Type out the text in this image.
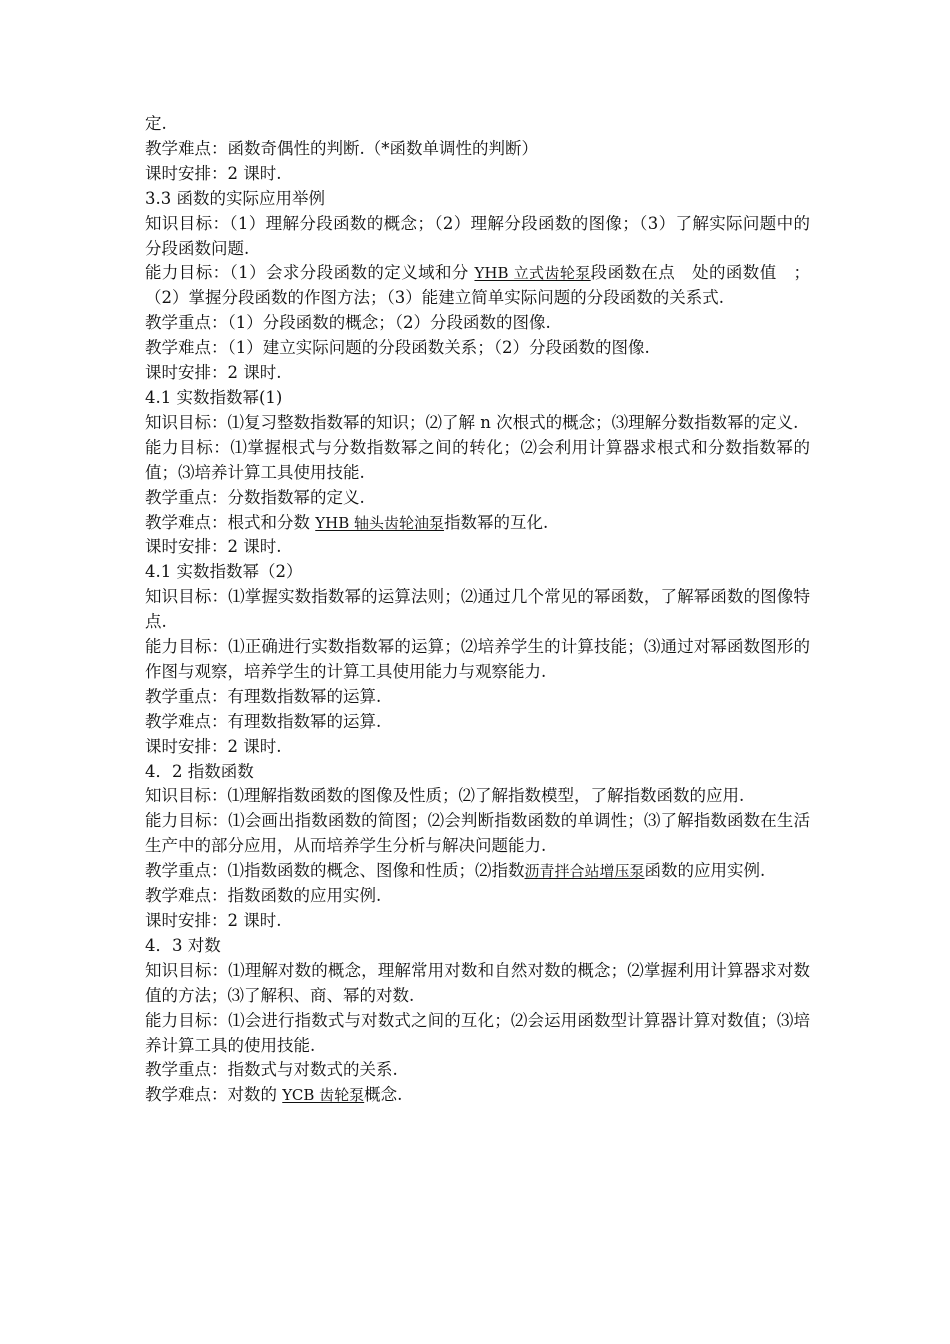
定.

教学难点：函数奇偶性的判断.（*函数单调性的判断）

课时安排：2 课时.

3.3 函数的实际应用举例

知识目标：（1）理解分段函数的概念；（2）理解分段函数的图像；（3）了解实际问题中的分段函数问题.

能力目标：（1）会求分段函数的定义域和分 YHB 立式齿轮泵段函数在点　处的函数值　；（2）掌握分段函数的作图方法；（3）能建立简单实际问题的分段函数的关系式.

教学重点：（1）分段函数的概念；（2）分段函数的图像.

教学难点：（1）建立实际问题的分段函数关系；（2）分段函数的图像.

课时安排：2 课时.

4.1 实数指数幂(1)

知识目标：⑴复习整数指数幂的知识；⑵了解 n 次根式的概念；⑶理解分数指数幂的定义.

能力目标：⑴掌握根式与分数指数幂之间的转化；⑵会利用计算器求根式和分数指数幂的值；⑶培养计算工具使用技能.

教学重点：分数指数幂的定义.

教学难点：根式和分数 YHB 轴头齿轮油泵指数幂的互化.

课时安排：2 课时.

4.1 实数指数幂（2）

知识目标：⑴掌握实数指数幂的运算法则；⑵通过几个常见的幂函数，了解幂函数的图像特点.

能力目标：⑴正确进行实数指数幂的运算；⑵培养学生的计算技能；⑶通过对幂函数图形的作图与观察，培养学生的计算工具使用能力与观察能力.

教学重点：有理数指数幂的运算.

教学难点：有理数指数幂的运算.

课时安排：2 课时.

4．2 指数函数

知识目标：⑴理解指数函数的图像及性质；⑵了解指数模型，了解指数函数的应用.

能力目标：⑴会画出指数函数的简图；⑵会判断指数函数的单调性；⑶了解指数函数在生活生产中的部分应用，从而培养学生分析与解决问题能力.

教学重点：⑴指数函数的概念、图像和性质；⑵指数沥青拌合站增压泵函数的应用实例.

教学难点：指数函数的应用实例.

课时安排：2 课时.

4．3 对数

知识目标：⑴理解对数的概念，理解常用对数和自然对数的概念；⑵掌握利用计算器求对数值的方法；⑶了解积、商、幂的对数.

能力目标：⑴会进行指数式与对数式之间的互化；⑵会运用函数型计算器计算对数值；⑶培养计算工具的使用技能.

教学重点：指数式与对数式的关系.

教学难点：对数的 YCB 齿轮泵概念.
